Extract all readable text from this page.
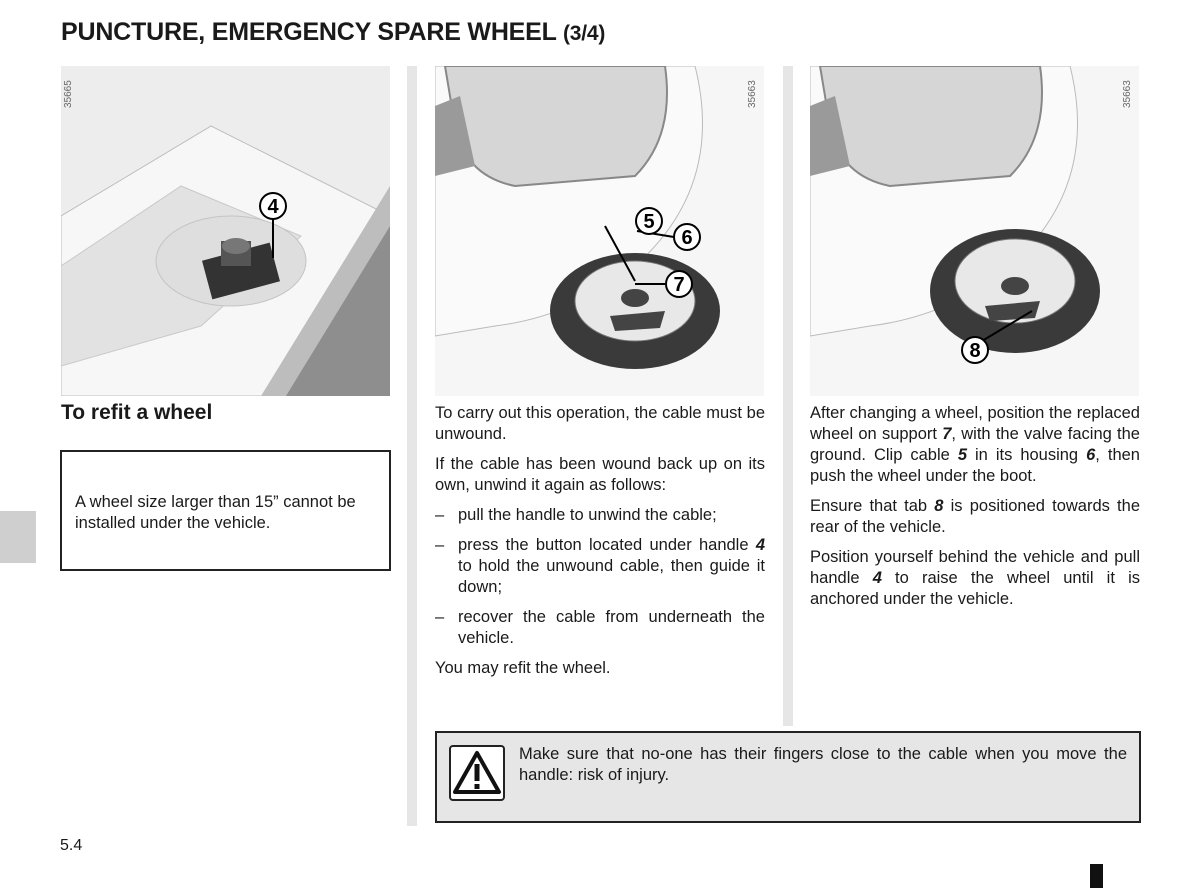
PUNCTURE, EMERGENCY SPARE WHEEL (3/4)
4
35665
5
6
7
35663
8
35663
To refit a wheel
A wheel size larger than 15” cannot be installed under the vehicle.

To carry out this operation, the cable must be unwound.

If the cable has been wound back up on its own, unwind it again as follows:

– pull the handle to unwind the cable;
– press the button located under handle 4 to hold the unwound cable, then guide it down;
– recover the cable from underneath the vehicle.

You may refit the wheel.

After changing a wheel, position the replaced wheel on support 7, with the valve facing the ground. Clip cable 5 in its housing 6, then push the wheel under the boot.

Ensure that tab 8 is positioned towards the rear of the vehicle.

Position yourself behind the vehicle and pull handle 4 to raise the wheel until it is anchored under the vehicle.

Make sure that no-one has their fingers close to the cable when you move the handle: risk of injury.
5.4
